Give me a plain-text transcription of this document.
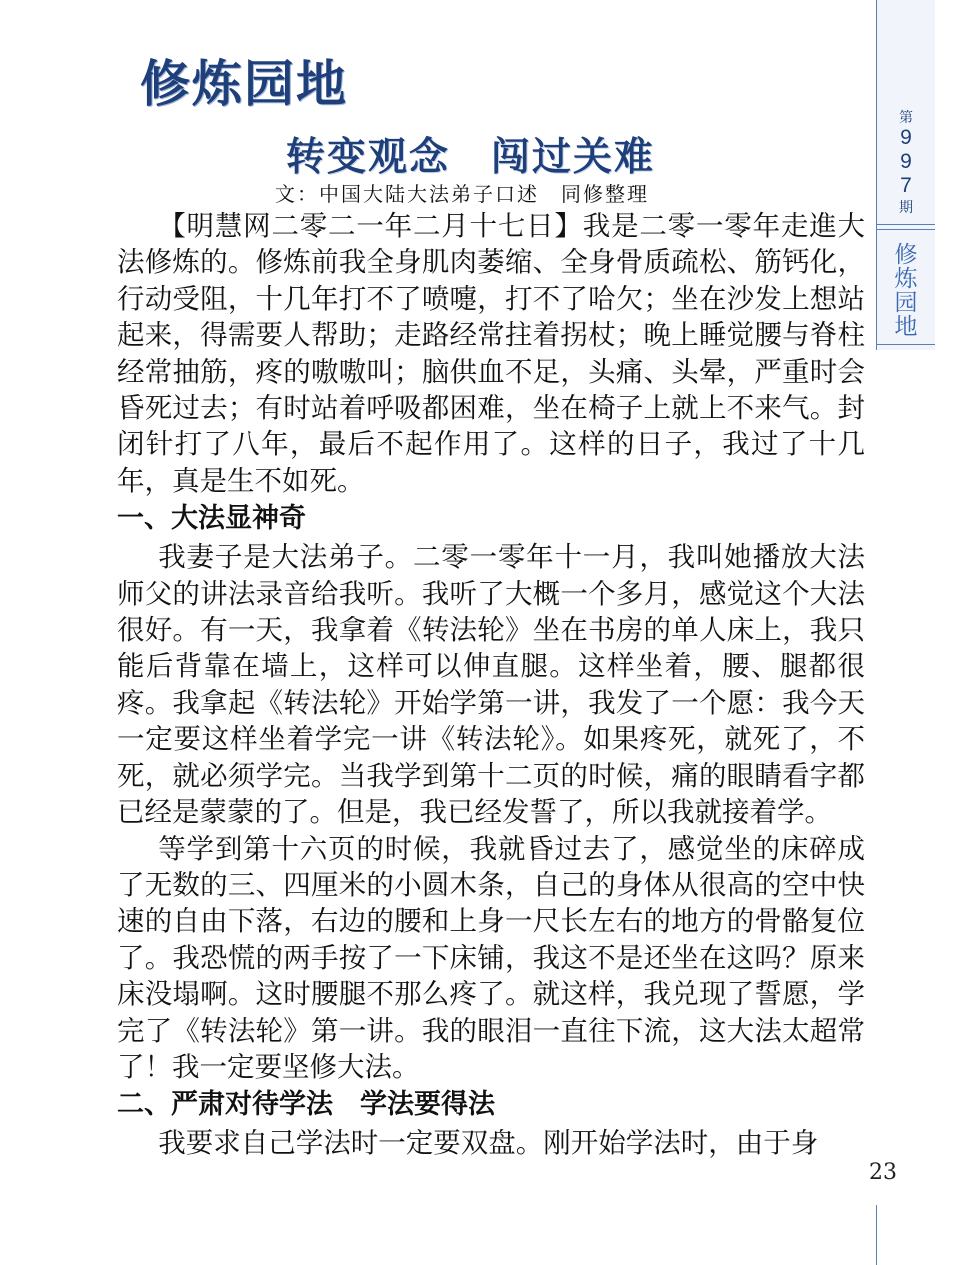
修炼园地
转变观念　闯过关难
文：中国大陆大法弟子口述　同修整理

【明慧网二零二一年二月十七日】我是二零一零年走進大法修炼的。修炼前我全身肌肉萎缩、全身骨质疏松、筋钙化，行动受阻，十几年打不了喷嚏，打不了哈欠；坐在沙发上想站起来，得需要人帮助；走路经常拄着拐杖；晚上睡觉腰与脊柱经常抽筋，疼的嗷嗷叫；脑供血不足，头痛、头晕，严重时会昏死过去；有时站着呼吸都困难，坐在椅子上就上不来气。封闭针打了八年，最后不起作用了。这样的日子，我过了十几年，真是生不如死。

一、大法显神奇

我妻子是大法弟子。二零一零年十一月，我叫她播放大法师父的讲法录音给我听。我听了大概一个多月，感觉这个大法很好。有一天，我拿着《转法轮》坐在书房的单人床上，我只能后背靠在墙上，这样可以伸直腿。这样坐着，腰、腿都很疼。我拿起《转法轮》开始学第一讲，我发了一个愿：我今天一定要这样坐着学完一讲《转法轮》。如果疼死，就死了，不死，就必须学完。当我学到第十二页的时候，痛的眼睛看字都已经是蒙蒙的了。但是，我已经发誓了，所以我就接着学。

等学到第十六页的时候，我就昏过去了，感觉坐的床碎成了无数的三、四厘米的小圆木条，自己的身体从很高的空中快速的自由下落，右边的腰和上身一尺长左右的地方的骨骼复位了。我恐慌的两手按了一下床铺，我这不是还坐在这吗？原来床没塌啊。这时腰腿不那么疼了。就这样，我兑现了誓愿，学完了《转法轮》第一讲。我的眼泪一直往下流，这大法太超常了！我一定要坚修大法。

二、严肃对待学法　学法要得法

我要求自己学法时一定要双盘。刚开始学法时，由于身

第
9
9
7
期
修
炼
园
地
23
